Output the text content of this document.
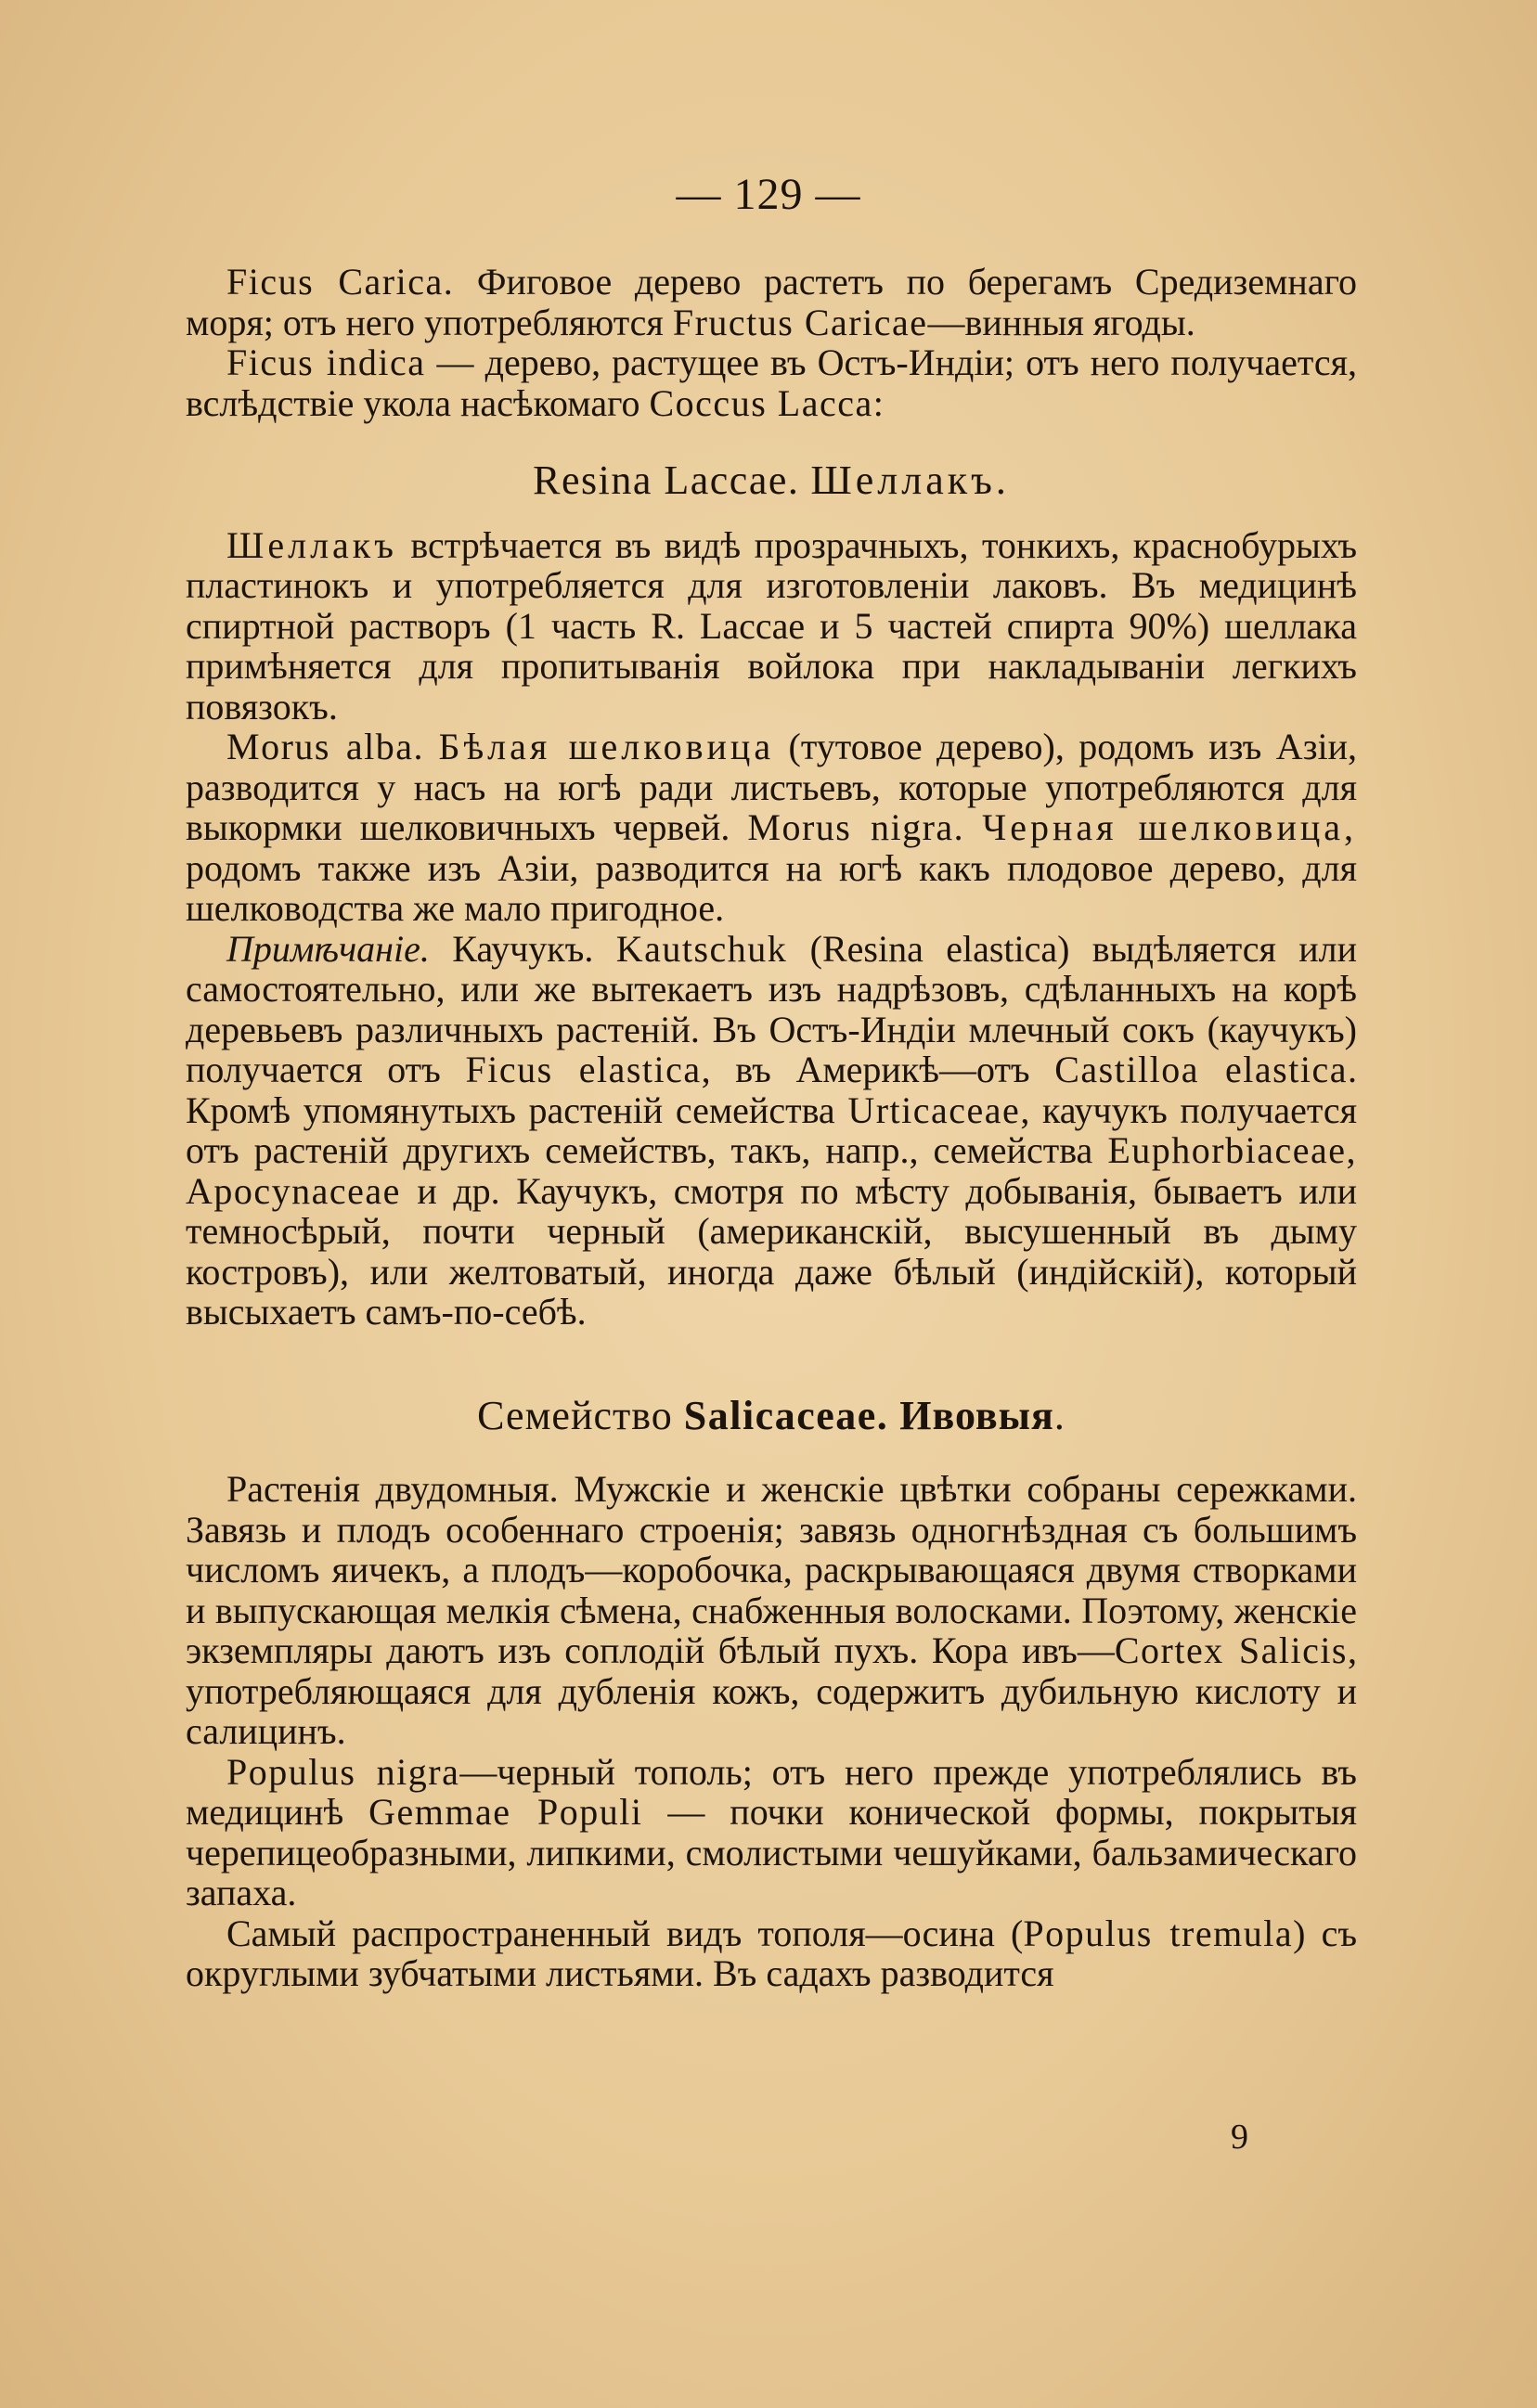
— 129 —

Ficus Carica. Фиговое дерево растетъ по берегамъ Средиземнаго моря; отъ него употребляются Fructus Caricae—винныя ягоды.

Ficus indica — дерево, растущее въ Остъ-Индіи; отъ него получается, вслѣдствіе укола насѣкомаго Coccus Lacca:

Resina Laccae. Шеллакъ.

Шеллакъ встрѣчается въ видѣ прозрачныхъ, тонкихъ, краснобурыхъ пластинокъ и употребляется для изготовленіи лаковъ. Въ медицинѣ спиртной растворъ (1 часть R. Laccae и 5 частей спирта 90%) шеллака примѣняется для пропитыванія войлока при накладываніи легкихъ повязокъ.

Morus alba. Бѣлая шелковица (тутовое дерево), родомъ изъ Азіи, разводится у насъ на югѣ ради листьевъ, которые употребляются для выкормки шелковичныхъ червей. Morus nigra. Черная шелковица, родомъ также изъ Азіи, разводится на югѣ какъ плодовое дерево, для шелководства же мало пригодное.

Примѣчаніе. Каучукъ. Kautschuk (Resina elastica) выдѣляется или самостоятельно, или же вытекаетъ изъ надрѣзовъ, сдѣланныхъ на корѣ деревьевъ различныхъ растеній. Въ Остъ-Индіи млечный сокъ (каучукъ) получается отъ Ficus elastica, въ Америкѣ—отъ Castilloa elastica. Кромѣ упомянутыхъ растеній семейства Urticaceae, каучукъ получается отъ растеній другихъ семействъ, такъ, напр., семейства Euphorbiaceae, Apocynaceae и др. Каучукъ, смотря по мѣсту добыванія, бываетъ или темносѣрый, почти черный (американскій, высушенный въ дыму костровъ), или желтоватый, иногда даже бѣлый (индійскій), который высыхаетъ самъ-по-себѣ.

Семейство Salicaceae. Ивовыя.

Растенія двудомныя. Мужскіе и женскіе цвѣтки собраны сережками. Завязь и плодъ особеннаго строенія; завязь одногнѣздная съ большимъ числомъ яичекъ, а плодъ—коробочка, раскрывающаяся двумя створками и выпускающая мелкія сѣмена, снабженныя волосками. Поэтому, женскіе экземпляры даютъ изъ соплодій бѣлый пухъ. Кора ивъ—Cortex Salicis, употребляющаяся для дубленія кожъ, содержитъ дубильную кислоту и салицинъ.

Populus nigra—черный тополь; отъ него прежде употреблялись въ медицинѣ Gemmae Populi — почки конической формы, покрытыя черепицеобразными, липкими, смолистыми чешуйками, бальзамическаго запаха.

Самый распространенный видъ тополя—осина (Populus tremula) съ округлыми зубчатыми листьями. Въ садахъ разводится

9
